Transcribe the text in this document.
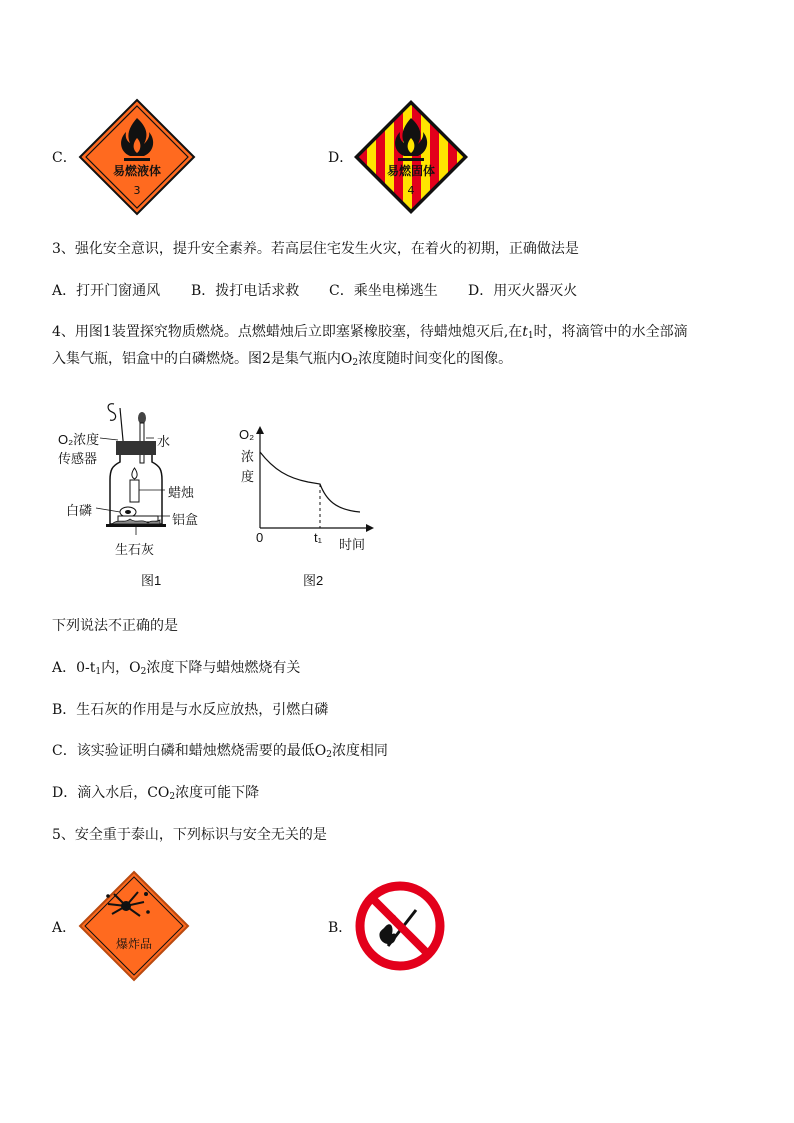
C．
易燃液体
3
D．
易燃固体
4
3、强化安全意识，提升安全素养。若高层住宅发生火灾，在着火的初期，正确做法是
A．打开门窗通风 B．拨打电话求救 C．乘坐电梯逃生 D．用灭火器灭火
4、用图1装置探究物质燃烧。点燃蜡烛后立即塞紧橡胶塞，待蜡烛熄灭后,在$t_1$时，将滴管中的水全部滴
入集气瓶，铝盒中的白磷燃烧。图2是集气瓶内$O_2$浓度随时间变化的图像。
O₂浓度
传感器
水
蜡烛
白磷
铝盒
生石灰
图1
O₂
浓
度
0	t₁ 时间
图2
下列说法不正确的是
A．$0-t_1$内，$O_2$浓度下降与蜡烛燃烧有关
B．生石灰的作用是与水反应放热，引燃白磷
C．该实验证明白磷和蜡烛燃烧需要的最低$O_2$浓度相同
D．滴入水后，$CO_2$浓度可能下降
5、安全重于泰山，下列标识与安全无关的是
A．
爆炸品
B．
